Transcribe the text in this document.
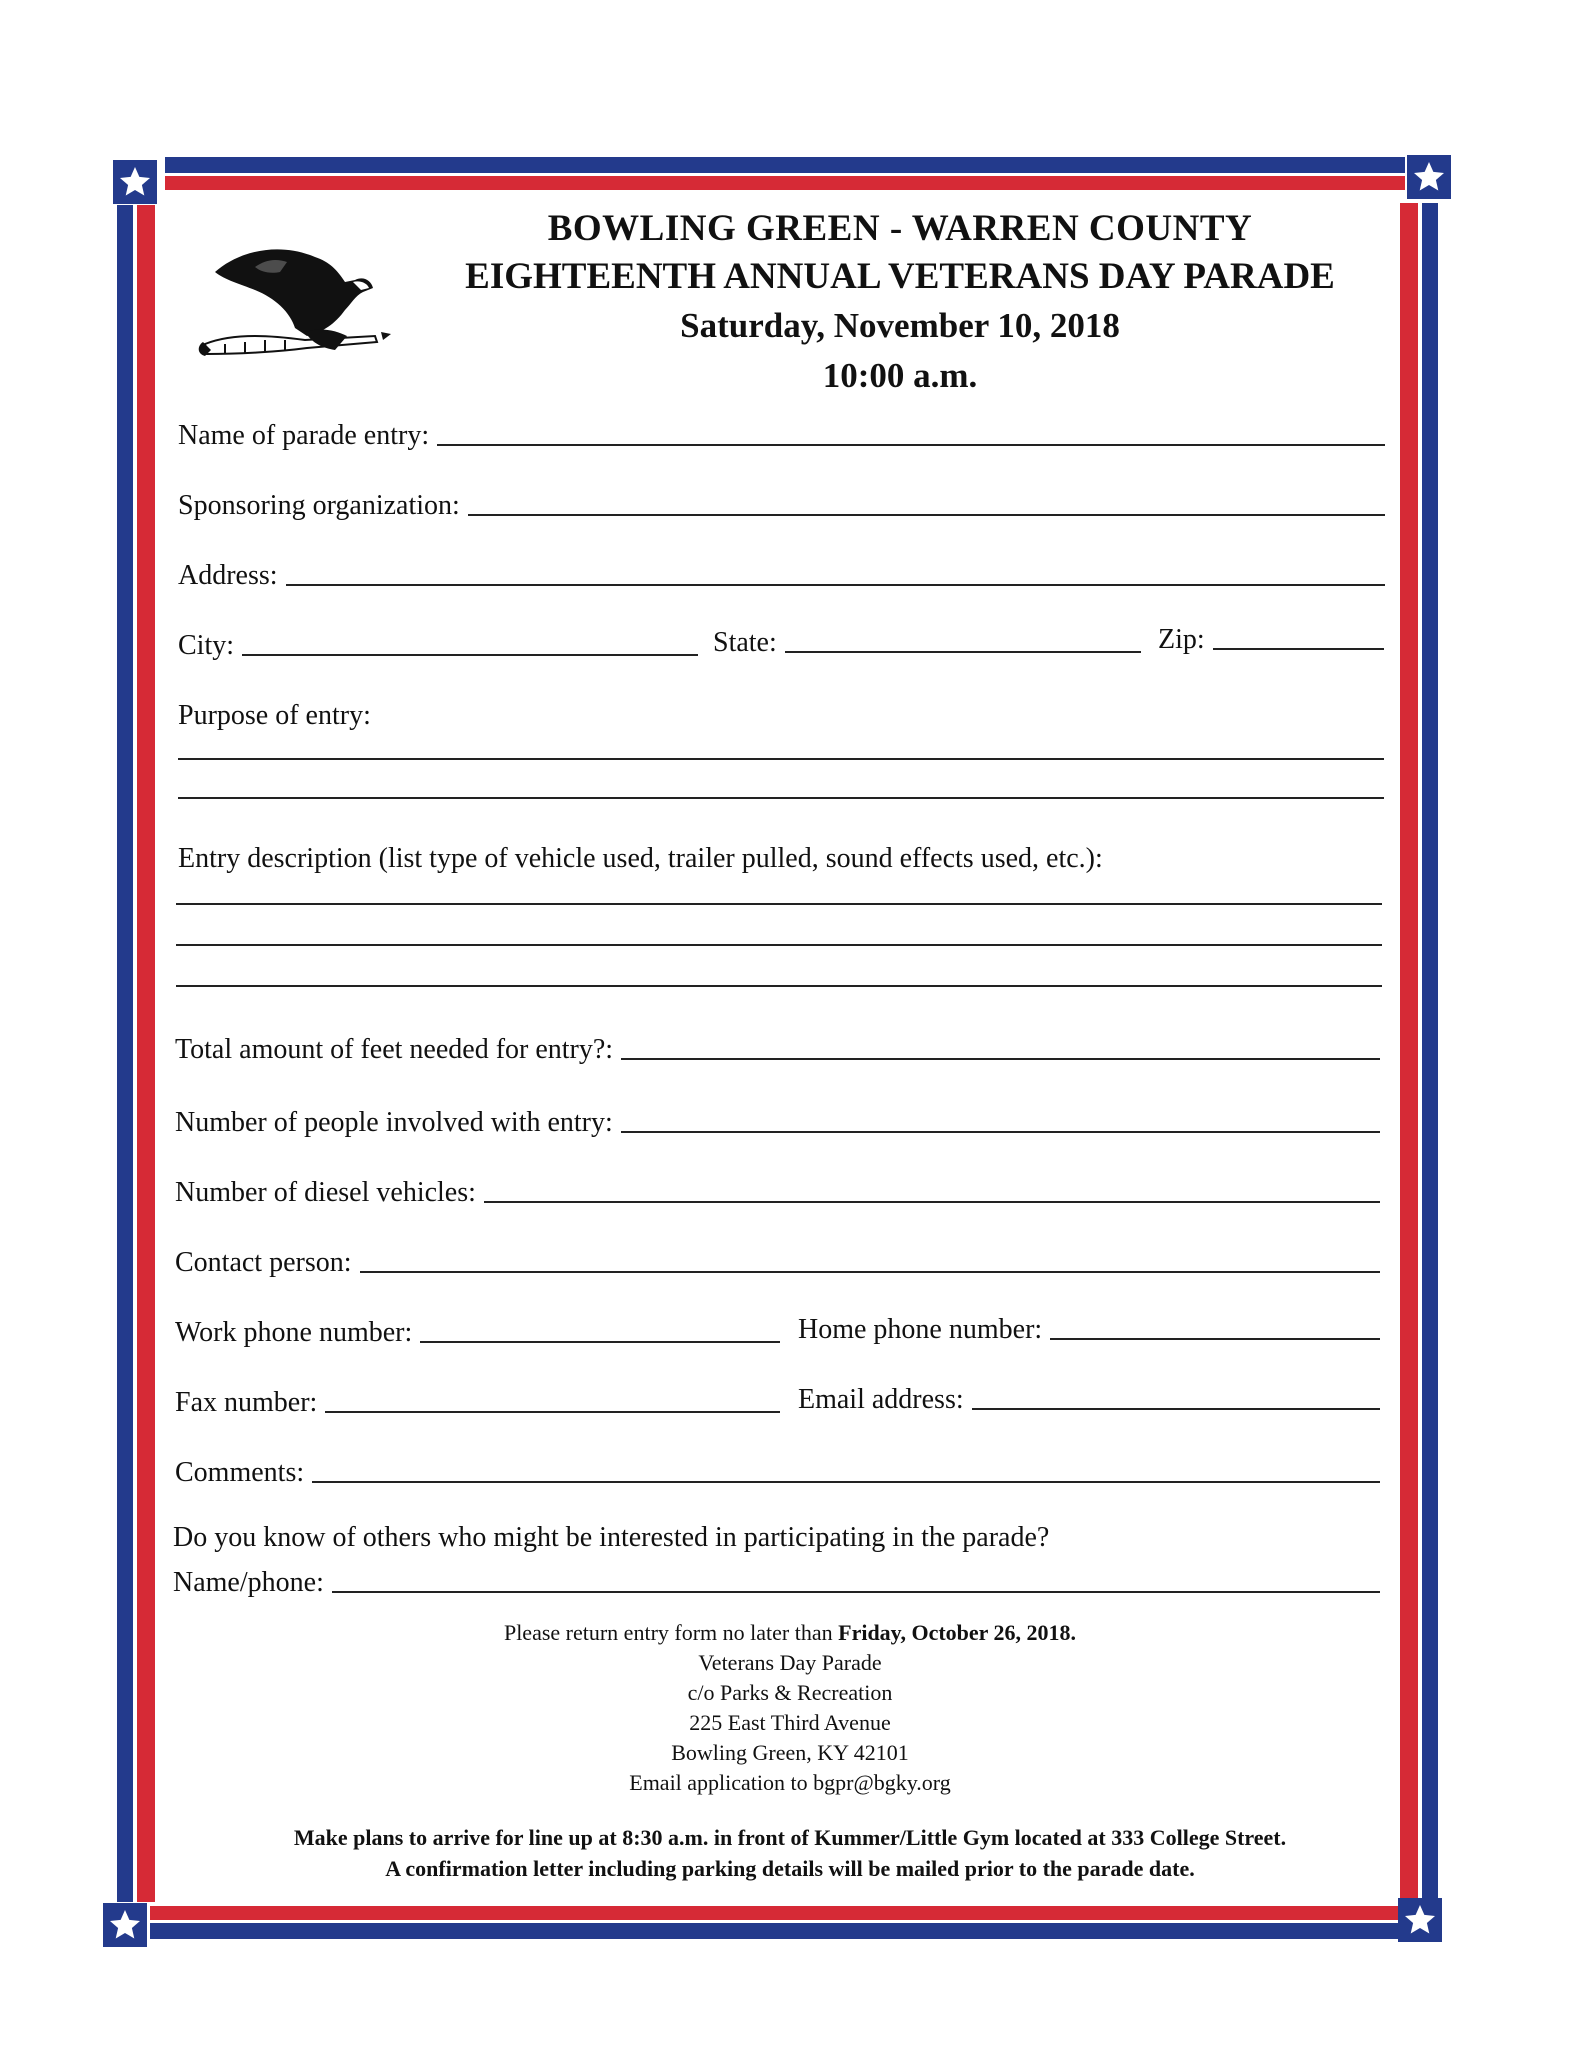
BOWLING GREEN - WARREN COUNTY
EIGHTEENTH ANNUAL VETERANS DAY PARADE
Saturday, November 10, 2018
10:00 a.m.
Name of parade entry:
Sponsoring organization:
Address:
City:	State:	Zip:
Purpose of entry:
Entry description (list type of vehicle used, trailer pulled, sound effects used, etc.):
Total amount of feet needed for entry?:
Number of people involved with entry:
Number of diesel vehicles:
Contact person:
Work phone number:	Home phone number:
Fax number:	Email address:
Comments:
Do you know of others who might be interested in participating in the parade?
Name/phone:
Please return entry form no later than Friday, October 26, 2018.
Veterans Day Parade
c/o Parks & Recreation
225 East Third Avenue
Bowling Green, KY 42101
Email application to bgpr@bgky.org
Make plans to arrive for line up at 8:30 a.m. in front of Kummer/Little Gym located at 333 College Street.
A confirmation letter including parking details will be mailed prior to the parade date.
